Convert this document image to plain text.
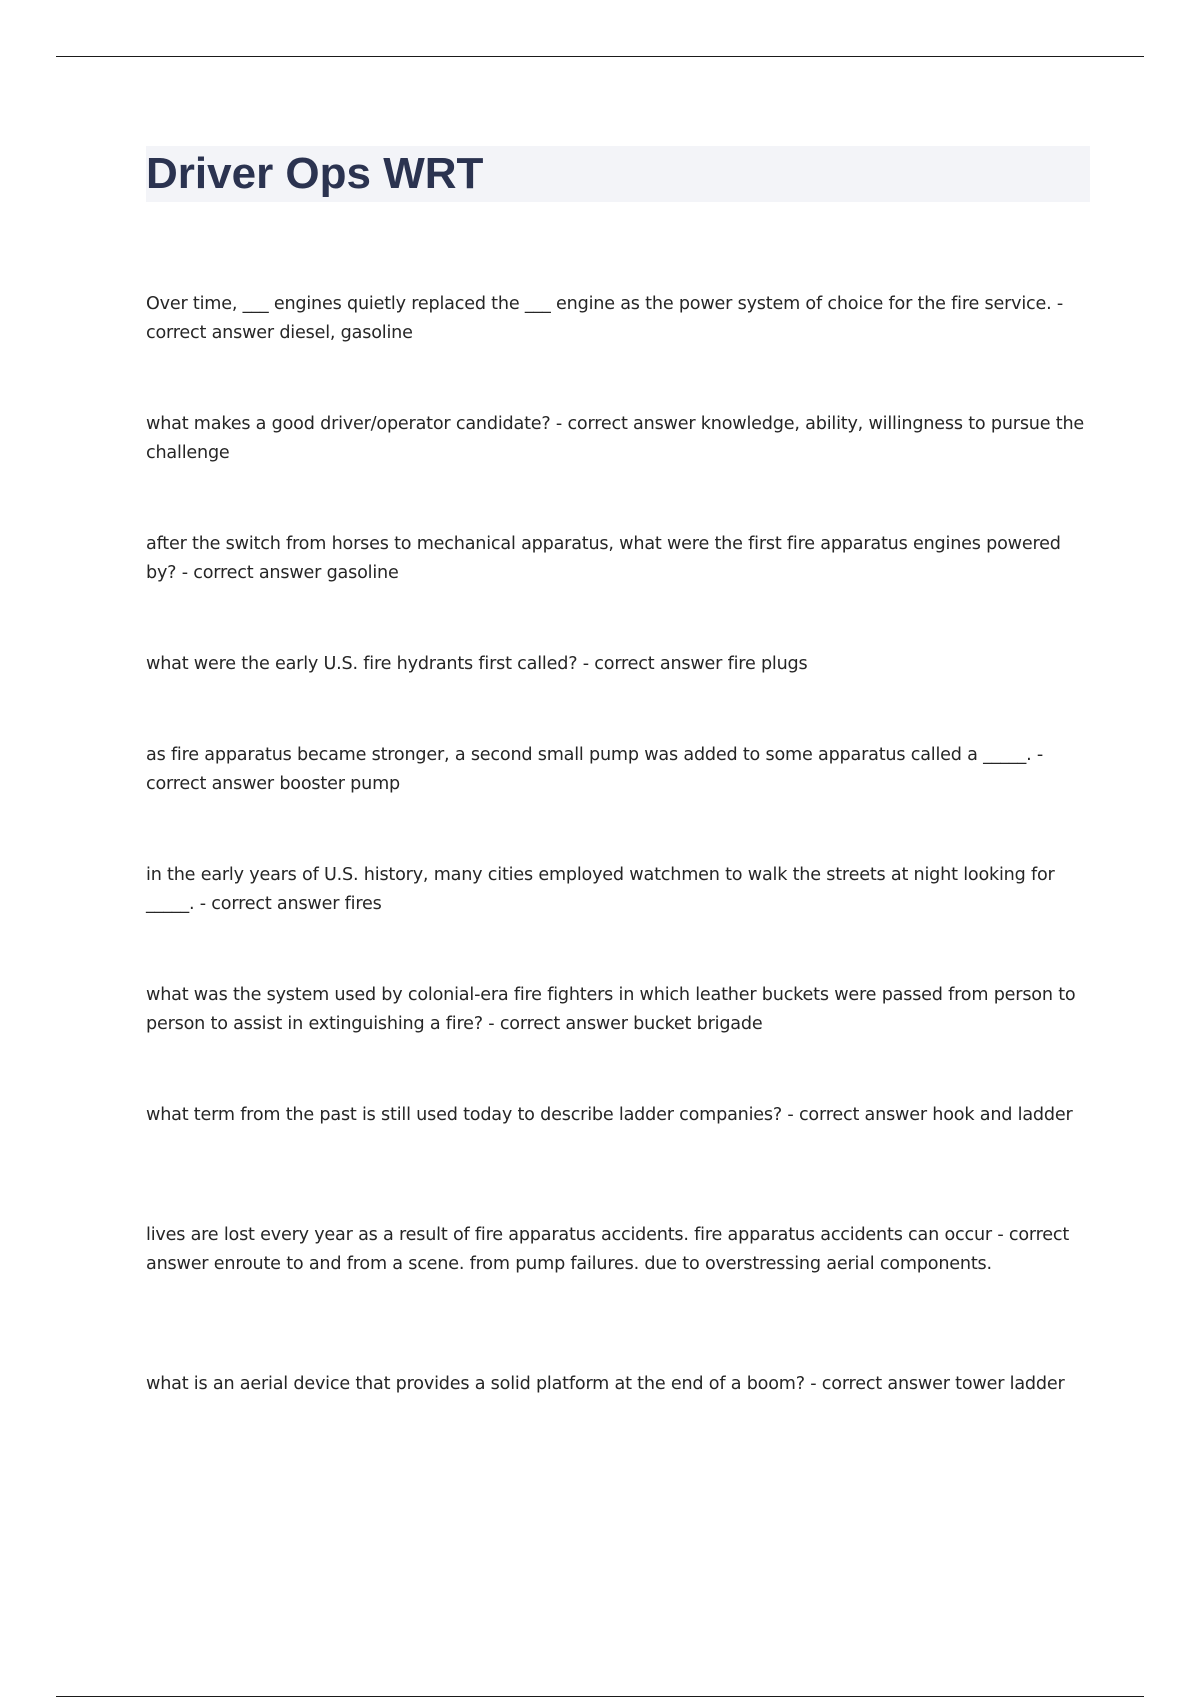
Driver Ops WRT
Over time, ___ engines quietly replaced the ___ engine as the power system of choice for the fire service. - correct answer diesel, gasoline
what makes a good driver/operator candidate? - correct answer knowledge, ability, willingness to pursue the challenge
after the switch from horses to mechanical apparatus, what were the first fire apparatus engines powered by? - correct answer gasoline
what were the early U.S. fire hydrants first called? - correct answer fire plugs
as fire apparatus became stronger, a second small pump was added to some apparatus called a _____. - correct answer booster pump
in the early years of U.S. history, many cities employed watchmen to walk the streets at night looking for _____. - correct answer fires
what was the system used by colonial-era fire fighters in which leather buckets were passed from person to person to assist in extinguishing a fire? - correct answer bucket brigade
what term from the past is still used today to describe ladder companies? - correct answer hook and ladder
lives are lost every year as a result of fire apparatus accidents. fire apparatus accidents can occur - correct answer enroute to and from a scene. from pump failures. due to overstressing aerial components.
what is an aerial device that provides a solid platform at the end of a boom? - correct answer tower ladder
